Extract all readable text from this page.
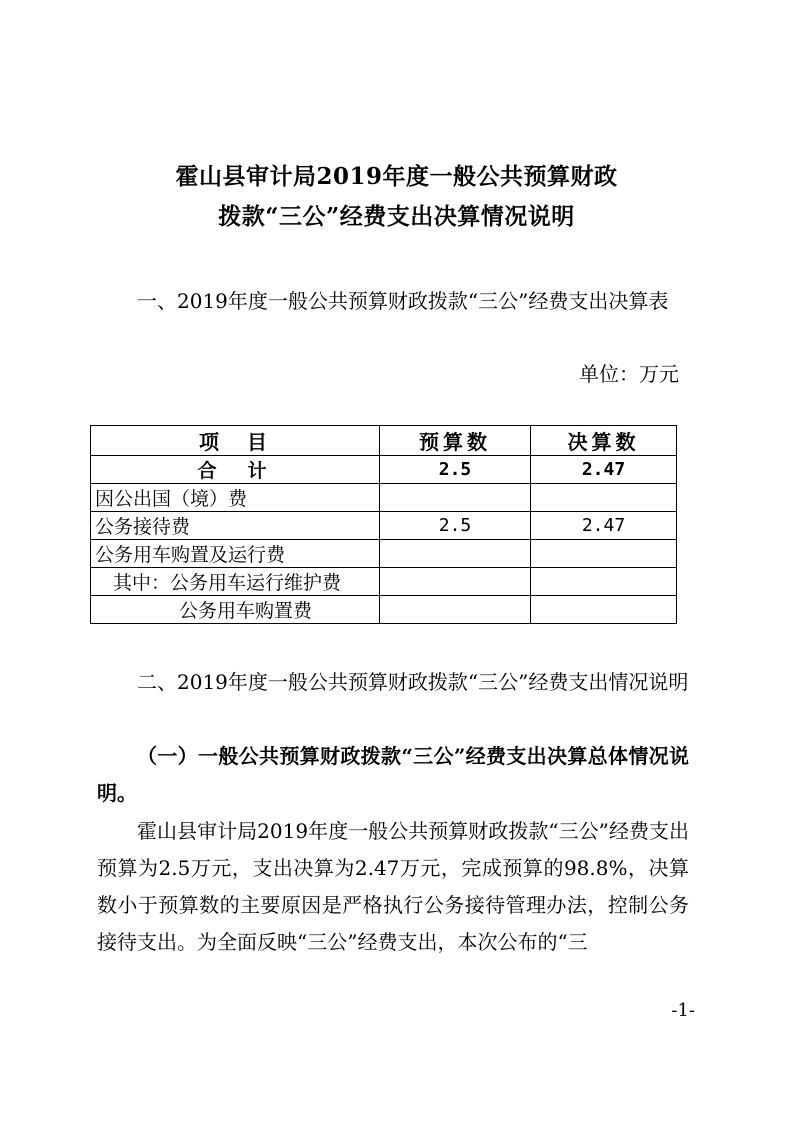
霍山县审计局2019年度一般公共预算财政
拨款“三公”经费支出决算情况说明

一、2019年度一般公共预算财政拨款“三公”经费支出决算表

单位：万元
项　目	预算数	决算数
合　计	2.5	2.47
因公出国（境）费		
公务接待费	2.5	2.47
公务用车购置及运行费		
其中：公务用车运行维护费		
公务用车购置费		

二、2019年度一般公共预算财政拨款“三公”经费支出情况说明

（一）一般公共预算财政拨款“三公”经费支出决算总体情况说明。

霍山县审计局2019年度一般公共预算财政拨款“三公”经费支出预算为2.5万元，支出决算为2.47万元，完成预算的98.8%，决算数小于预算数的主要原因是严格执行公务接待管理办法，控制公务接待支出。为全面反映“三公”经费支出，本次公布的“三

-1-
